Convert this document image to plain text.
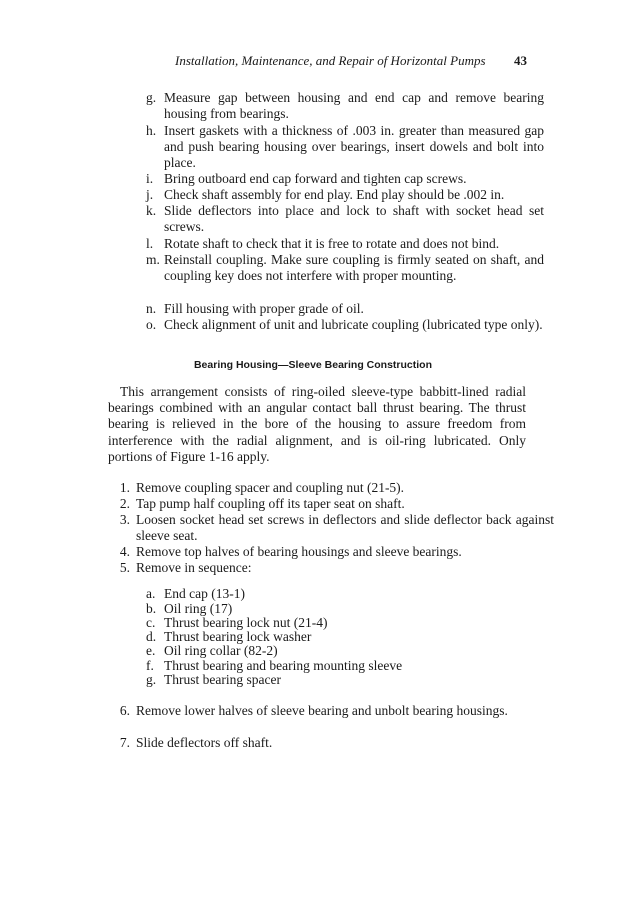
Installation, Maintenance, and Repair of Horizontal Pumps 43
g. Measure gap between housing and end cap and remove bearing housing from bearings.
h. Insert gaskets with a thickness of .003 in. greater than measured gap and push bearing housing over bearings, insert dowels and bolt into place.
i. Bring outboard end cap forward and tighten cap screws.
j. Check shaft assembly for end play. End play should be .002 in.
k. Slide deflectors into place and lock to shaft with socket head set screws.
l. Rotate shaft to check that it is free to rotate and does not bind.
m. Reinstall coupling. Make sure coupling is firmly seated on shaft, and coupling key does not interfere with proper mounting.
n. Fill housing with proper grade of oil.
o. Check alignment of unit and lubricate coupling (lubricated type only).
Bearing Housing—Sleeve Bearing Construction
This arrangement consists of ring-oiled sleeve-type babbitt-lined radial bearings combined with an angular contact ball thrust bearing. The thrust bearing is relieved in the bore of the housing to assure freedom from interference with the radial alignment, and is oil-ring lubricated. Only portions of Figure 1-16 apply.
1. Remove coupling spacer and coupling nut (21-5).
2. Tap pump half coupling off its taper seat on shaft.
3. Loosen socket head set screws in deflectors and slide deflector back against sleeve seat.
4. Remove top halves of bearing housings and sleeve bearings.
5. Remove in sequence:
a. End cap (13-1)
b. Oil ring (17)
c. Thrust bearing lock nut (21-4)
d. Thrust bearing lock washer
e. Oil ring collar (82-2)
f. Thrust bearing and bearing mounting sleeve
g. Thrust bearing spacer
6. Remove lower halves of sleeve bearing and unbolt bearing housings.
7. Slide deflectors off shaft.
